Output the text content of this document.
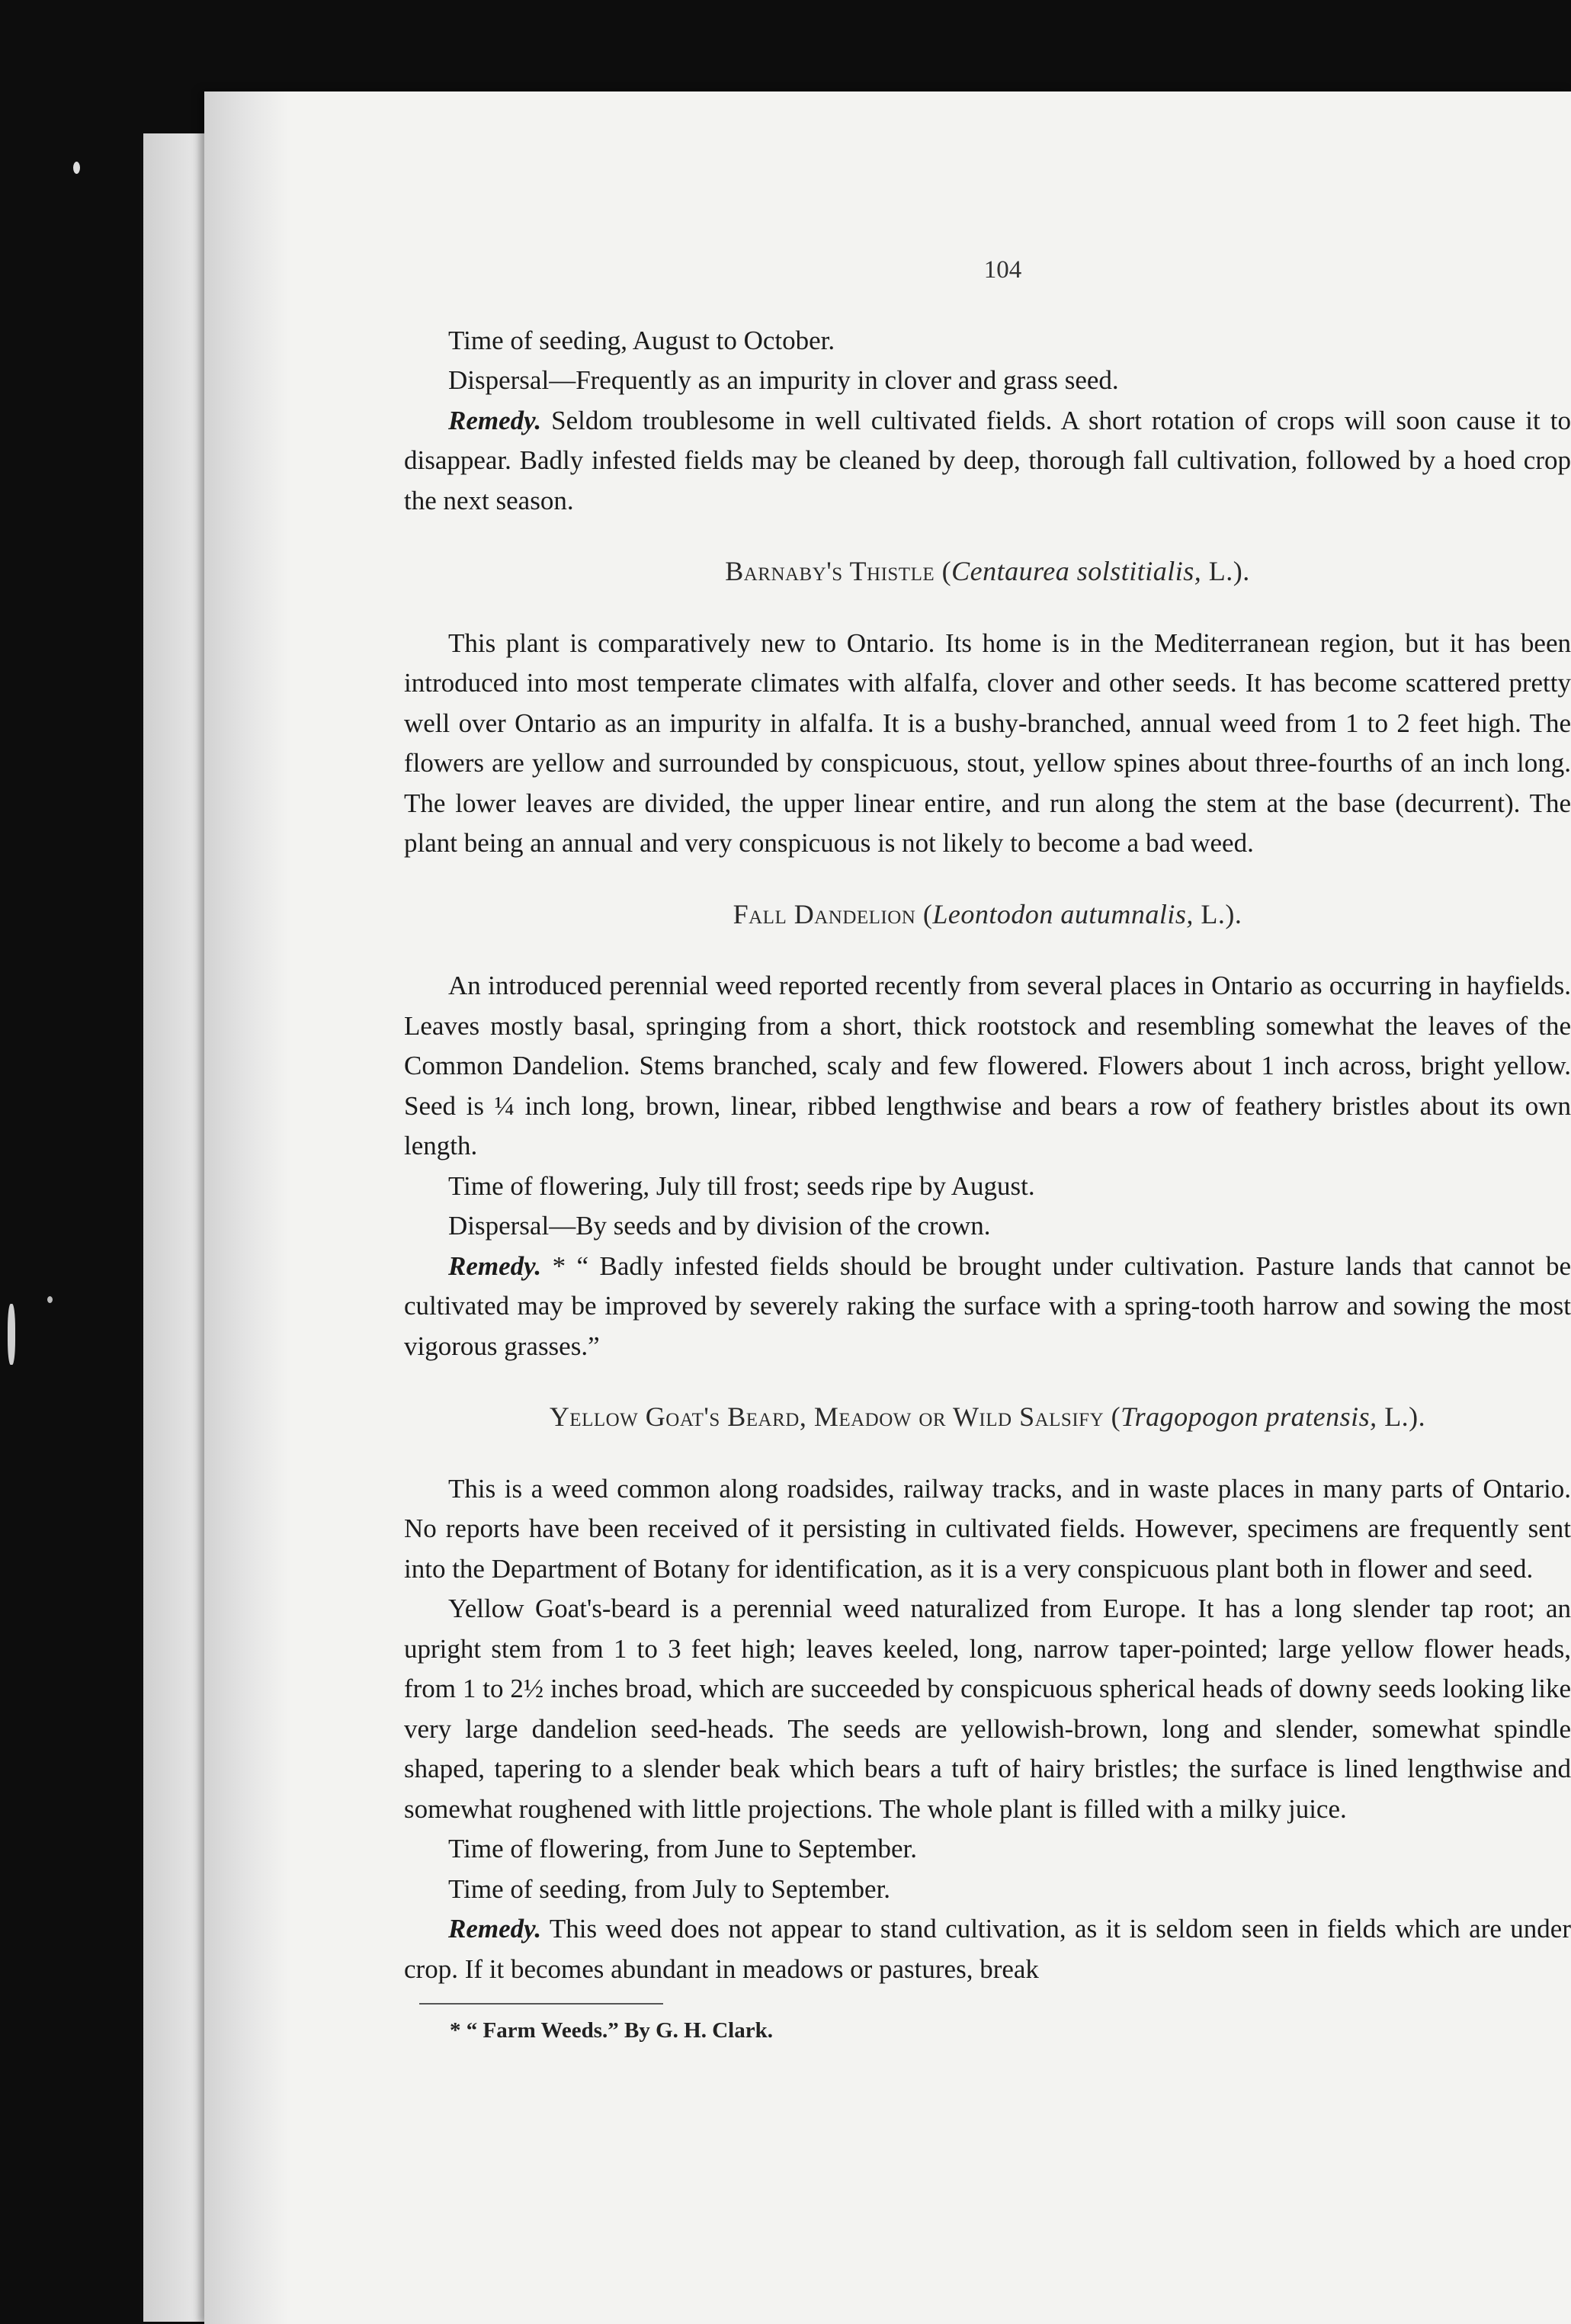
104

Time of seeding, August to October.

Dispersal—Frequently as an impurity in clover and grass seed.

Remedy. Seldom troublesome in well cultivated fields. A short rotation of crops will soon cause it to disappear. Badly infested fields may be cleaned by deep, thorough fall cultivation, followed by a hoed crop the next season.

Barnaby's Thistle (Centaurea solstitialis, L.).

This plant is comparatively new to Ontario. Its home is in the Mediterranean region, but it has been introduced into most temperate climates with alfalfa, clover and other seeds. It has become scattered pretty well over Ontario as an impurity in alfalfa. It is a bushy-branched, annual weed from 1 to 2 feet high. The flowers are yellow and surrounded by conspicuous, stout, yellow spines about three-fourths of an inch long. The lower leaves are divided, the upper linear entire, and run along the stem at the base (decurrent). The plant being an annual and very conspicuous is not likely to become a bad weed.

Fall Dandelion (Leontodon autumnalis, L.).

An introduced perennial weed reported recently from several places in Ontario as occurring in hayfields. Leaves mostly basal, springing from a short, thick rootstock and resembling somewhat the leaves of the Common Dandelion. Stems branched, scaly and few flowered. Flowers about 1 inch across, bright yellow. Seed is ¼ inch long, brown, linear, ribbed lengthwise and bears a row of feathery bristles about its own length.

Time of flowering, July till frost; seeds ripe by August.

Dispersal—By seeds and by division of the crown.

Remedy. * “ Badly infested fields should be brought under cultivation. Pasture lands that cannot be cultivated may be improved by severely raking the surface with a spring-tooth harrow and sowing the most vigorous grasses.”

Yellow Goat's Beard, Meadow or Wild Salsify (Tragopogon pratensis, L.).

This is a weed common along roadsides, railway tracks, and in waste places in many parts of Ontario. No reports have been received of it persisting in cultivated fields. However, specimens are frequently sent into the Department of Botany for identification, as it is a very conspicuous plant both in flower and seed.

Yellow Goat's-beard is a perennial weed naturalized from Europe. It has a long slender tap root; an upright stem from 1 to 3 feet high; leaves keeled, long, narrow taper-pointed; large yellow flower heads, from 1 to 2½ inches broad, which are succeeded by conspicuous spherical heads of downy seeds looking like very large dandelion seed-heads. The seeds are yellowish-brown, long and slender, somewhat spindle shaped, tapering to a slender beak which bears a tuft of hairy bristles; the surface is lined lengthwise and somewhat roughened with little projections. The whole plant is filled with a milky juice.

Time of flowering, from June to September.

Time of seeding, from July to September.

Remedy. This weed does not appear to stand cultivation, as it is seldom seen in fields which are under crop. If it becomes abundant in meadows or pastures, break

* “ Farm Weeds.” By G. H. Clark.
